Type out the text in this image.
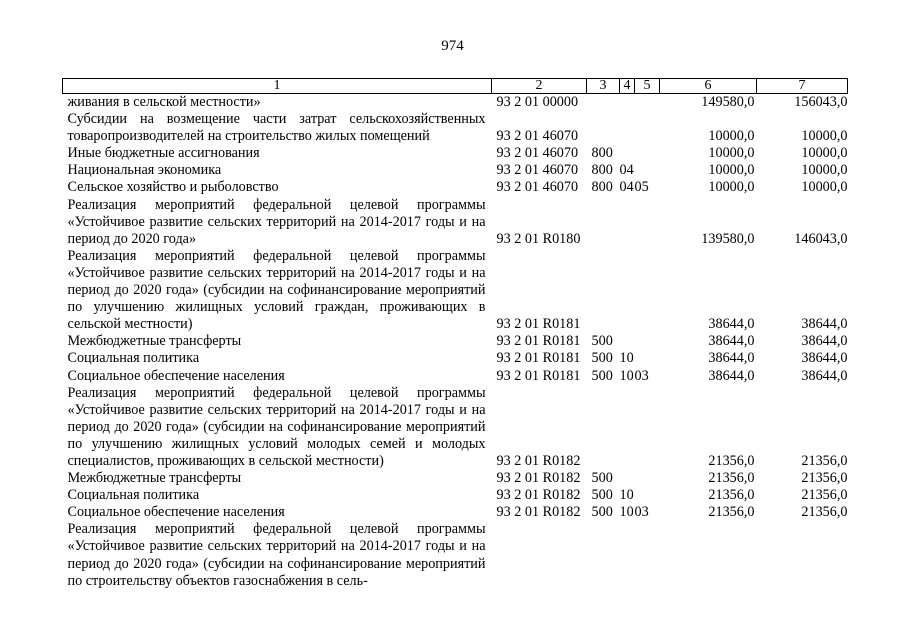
974
1	2	3	4	5	6	7
живания в сельской местности»	93 2 01 00000				149580,0	156043,0
Субсидии на возмещение части затрат сельскохозяйственных товаропроизводителей на строительство жилых помещений	93 2 01 46070				10000,0	10000,0
Иные бюджетные ассигнования	93 2 01 46070	800			10000,0	10000,0
Национальная экономика	93 2 01 46070	800	04		10000,0	10000,0
Сельское хозяйство и рыболовство	93 2 01 46070	800	04	05	10000,0	10000,0
Реализация мероприятий федеральной целевой программы «Устойчивое развитие сельских территорий на 2014-2017 годы и на период до 2020 года»	93 2 01 R0180				139580,0	146043,0
Реализация мероприятий федеральной целевой программы «Устойчивое развитие сельских территорий на 2014-2017 годы и на период до 2020 года» (субсидии на софинансирование мероприятий по улучшению жилищных условий граждан, проживающих в сельской местности)	93 2 01 R0181				38644,0	38644,0
Межбюджетные трансферты	93 2 01 R0181	500			38644,0	38644,0
Социальная политика	93 2 01 R0181	500	10		38644,0	38644,0
Социальное обеспечение населения	93 2 01 R0181	500	10	03	38644,0	38644,0
Реализация мероприятий федеральной целевой программы «Устойчивое развитие сельских территорий на 2014-2017 годы и на период до 2020 года» (субсидии на софинансирование мероприятий по улучшению жилищных условий молодых семей и молодых специалистов, проживающих в сельской местности)	93 2 01 R0182				21356,0	21356,0
Межбюджетные трансферты	93 2 01 R0182	500			21356,0	21356,0
Социальная политика	93 2 01 R0182	500	10		21356,0	21356,0
Социальное обеспечение населения	93 2 01 R0182	500	10	03	21356,0	21356,0
Реализация мероприятий федеральной целевой программы «Устойчивое развитие сельских территорий на 2014-2017 годы и на период до 2020 года» (субсидии на софинансирование мероприятий по строительству объектов газоснабжения в сель-						
